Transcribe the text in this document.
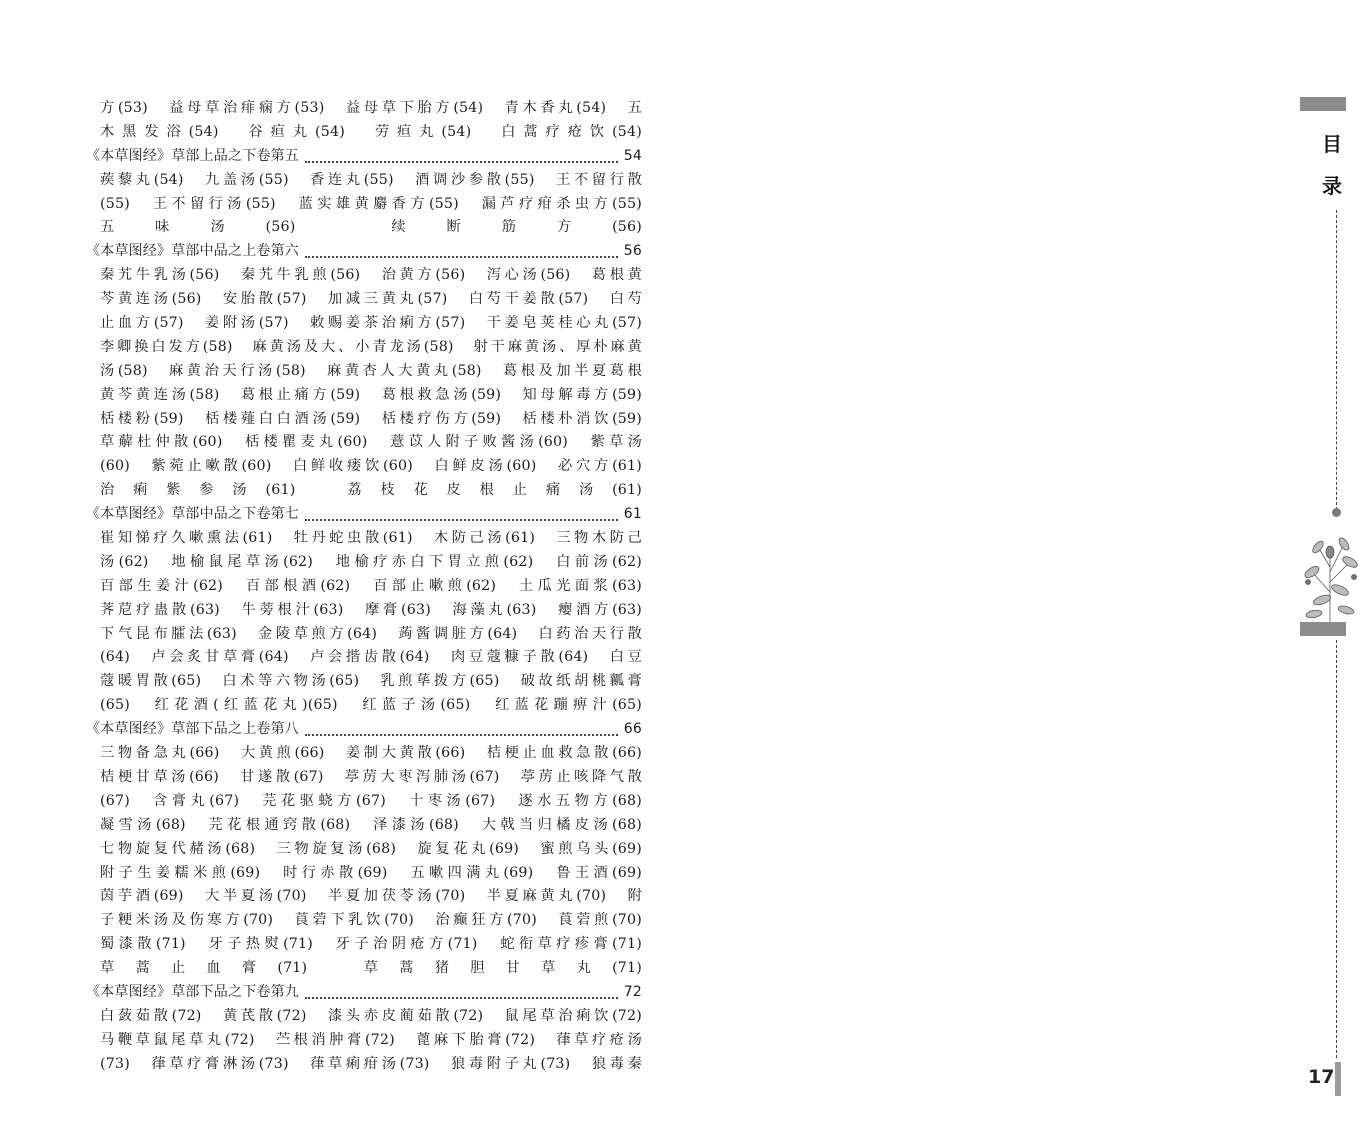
方(53)　益母草治痱痫方(53)　益母草下胎方(54)　青木香丸(54)　五
木黑发浴(54)　谷疸丸(54)　劳疸丸(54)　白蒿疗疮饮(54)
《本草图经》草部上品之下卷第五	54
蒺藜丸(54)　九盖汤(55)　香连丸(55)　酒调沙参散(55)　王不留行散
(55)　王不留行汤(55)　蓝实雄黄麝香方(55)　漏芦疗疳杀虫方(55)
五味汤(56)　续断筋方(56)
《本草图经》草部中品之上卷第六	56
秦艽牛乳汤(56)　秦艽牛乳煎(56)　治黄方(56)　泻心汤(56)　葛根黄
芩黄连汤(56)　安胎散(57)　加减三黄丸(57)　白芍干姜散(57)　白芍
止血方(57)　姜附汤(57)　敕赐姜茶治痢方(57)　干姜皂荚桂心丸(57)
李卿换白发方(58)　麻黄汤及大、小青龙汤(58)　射干麻黄汤、厚朴麻黄
汤(58)　麻黄治天行汤(58)　麻黄杏人大黄丸(58)　葛根及加半夏葛根
黄芩黄连汤(58)　葛根止痛方(59)　葛根救急汤(59)　知母解毒方(59)
栝楼粉(59)　栝楼薤白白酒汤(59)　栝楼疗伤方(59)　栝楼朴消饮(59)
草薢杜仲散(60)　栝楼瞿麦丸(60)　薏苡人附子败酱汤(60)　紫草汤
(60)　紫菀止嗽散(60)　白鲜收瘘饮(60)　白鲜皮汤(60)　必穴方(61)
治痢紫参汤(61)　荔枝花皮根止痛汤(61)
《本草图经》草部中品之下卷第七	61
崔知悌疗久嗽熏法(61)　牡丹蛇虫散(61)　木防己汤(61)　三物木防己
汤(62)　地榆鼠尾草汤(62)　地榆疗赤白下胃立煎(62)　白前汤(62)
百部生姜汁(62)　百部根酒(62)　百部止嗽煎(62)　土瓜光面浆(63)
荠苨疗蛊散(63)　牛蒡根汁(63)　摩膏(63)　海藻丸(63)　瘿酒方(63)
下气昆布臛法(63)　金陵草煎方(64)　蒟酱调脏方(64)　白药治天行散
(64)　卢会炙甘草膏(64)　卢会揩齿散(64)　肉豆蔻糠子散(64)　白豆
蔻暖胃散(65)　白术等六物汤(65)　乳煎荜拨方(65)　破故纸胡桃瓤膏
(65)　红花酒(红蓝花丸)(65)　红蓝子汤(65)　红蓝花蹦痹汁(65)
《本草图经》草部下品之上卷第八	66
三物备急丸(66)　大黄煎(66)　姜制大黄散(66)　桔梗止血救急散(66)
桔梗甘草汤(66)　甘遂散(67)　葶苈大枣泻肺汤(67)　葶苈止咳降气散
(67)　含膏丸(67)　芫花驱蛲方(67)　十枣汤(67)　逐水五物方(68)
凝雪汤(68)　芫花根通窍散(68)　泽漆汤(68)　大戟当归橘皮汤(68)
七物旋复代赭汤(68)　三物旋复汤(68)　旋复花丸(69)　蜜煎乌头(69)
附子生姜糯米煎(69)　时行赤散(69)　五嗽四满丸(69)　鲁王酒(69)
茵芋酒(69)　大半夏汤(70)　半夏加茯苓汤(70)　半夏麻黄丸(70)　附
子粳米汤及伤寒方(70)　莨菪下乳饮(70)　治癫狂方(70)　莨菪煎(70)
蜀漆散(71)　牙子热熨(71)　牙子治阴疮方(71)　蛇衔草疗疹膏(71)
草蒿止血膏(71)　草蒿猪胆甘草丸(71)
《本草图经》草部下品之下卷第九	72
白蔹茹散(72)　黄芪散(72)　漆头赤皮蔺茹散(72)　鼠尾草治痢饮(72)
马鞭草鼠尾草丸(72)　苎根消肿膏(72)　蓖麻下胎膏(72)　葎草疗疮汤
(73)　葎草疗膏淋汤(73)　葎草痢疳汤(73)　狼毒附子丸(73)　狼毒秦
目
录
17
